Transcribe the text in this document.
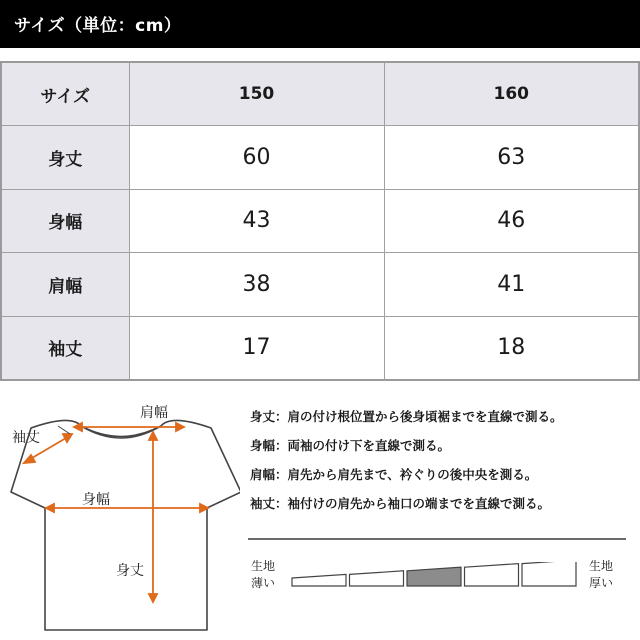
サイズ（単位：cm）
サイズ	150	160
身丈	60	63
身幅	43	46
肩幅	38	41
袖丈	17	18
肩幅
袖丈
身幅
身丈
身丈：肩の付け根位置から後身頃裾までを直線で測る。
身幅：両袖の付け下を直線で測る。
肩幅：肩先から肩先まで、衿ぐりの後中央を測る。
袖丈：袖付けの肩先から袖口の端までを直線で測る。
生地
薄い
生地
厚い
